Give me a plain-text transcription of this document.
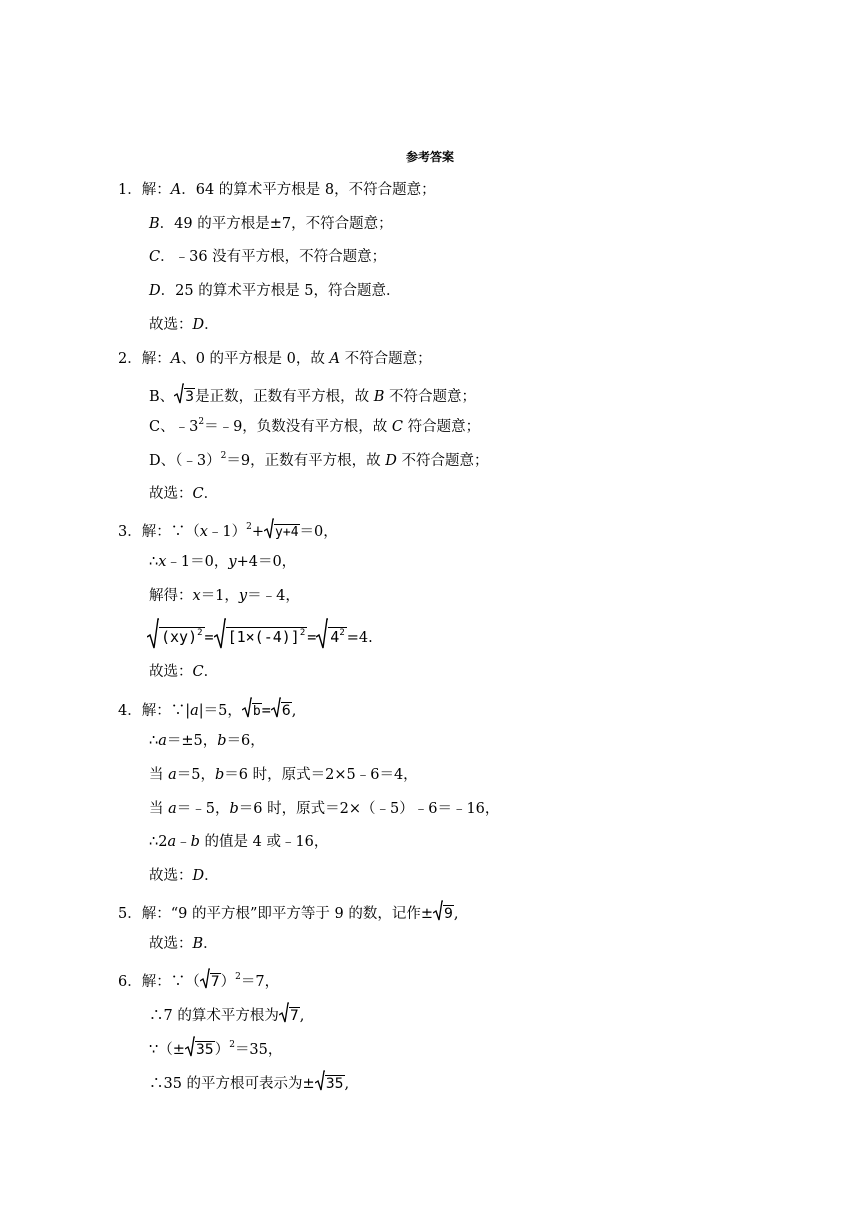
参考答案
1．解：A．64 的算术平方根是 8，不符合题意；
B．49 的平方根是±7，不符合题意；
C．﹣36 没有平方根，不符合题意；
D．25 的算术平方根是 5，符合题意．
故选：D．
2．解：A、0 的平方根是 0，故 A 不符合题意；
B、 3是正数，正数有平方根，故 B 不符合题意；
C、$﹣3^2=﹣9$，负数没有平方根，故 C 符合题意；
D、（﹣3）$^2$＝9，正数有平方根，故 D 不符合题意；
故选：C．
3．解：∵（x﹣1）$^2$+ y+4＝0，
∴x﹣1＝0，y+4＝0，
解得：x＝1，y＝﹣4，
$(xy)^2 = [1\times(-4)]^2 = 4^2 =4$.
故选：C．
4．解：∵|a|＝5， b= 6,
∴a＝±5，b＝6，
当 a＝5，b＝6 时，原式＝2×5﹣6＝4，
当 a＝﹣5，b＝6 时，原式＝2×（﹣5）﹣6＝﹣16，
∴2a﹣b 的值是 4 或﹣16，
故选：D．
5．解：“9 的平方根”即平方等于 9 的数，记作± 9,
故选：B．
6．解：∵（ 7）$^2$＝7，
∴7 的算术平方根为 7,
∵（± 35）$^2$＝35，
∴35 的平方根可表示为± 35,
